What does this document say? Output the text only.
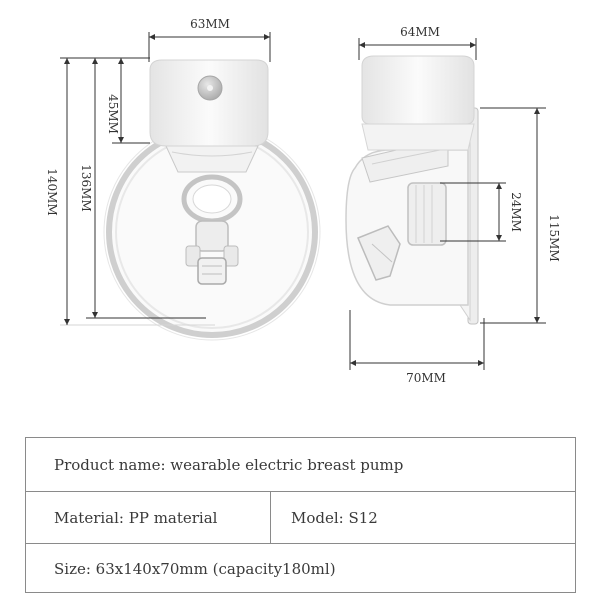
63MM
140MM 136MM
45MM
64MM
70MM
115MM
24MM
Product name: wearable electric breast pump
Material: PP material	Model: S12
Size: 63x140x70mm (capacity180ml)
